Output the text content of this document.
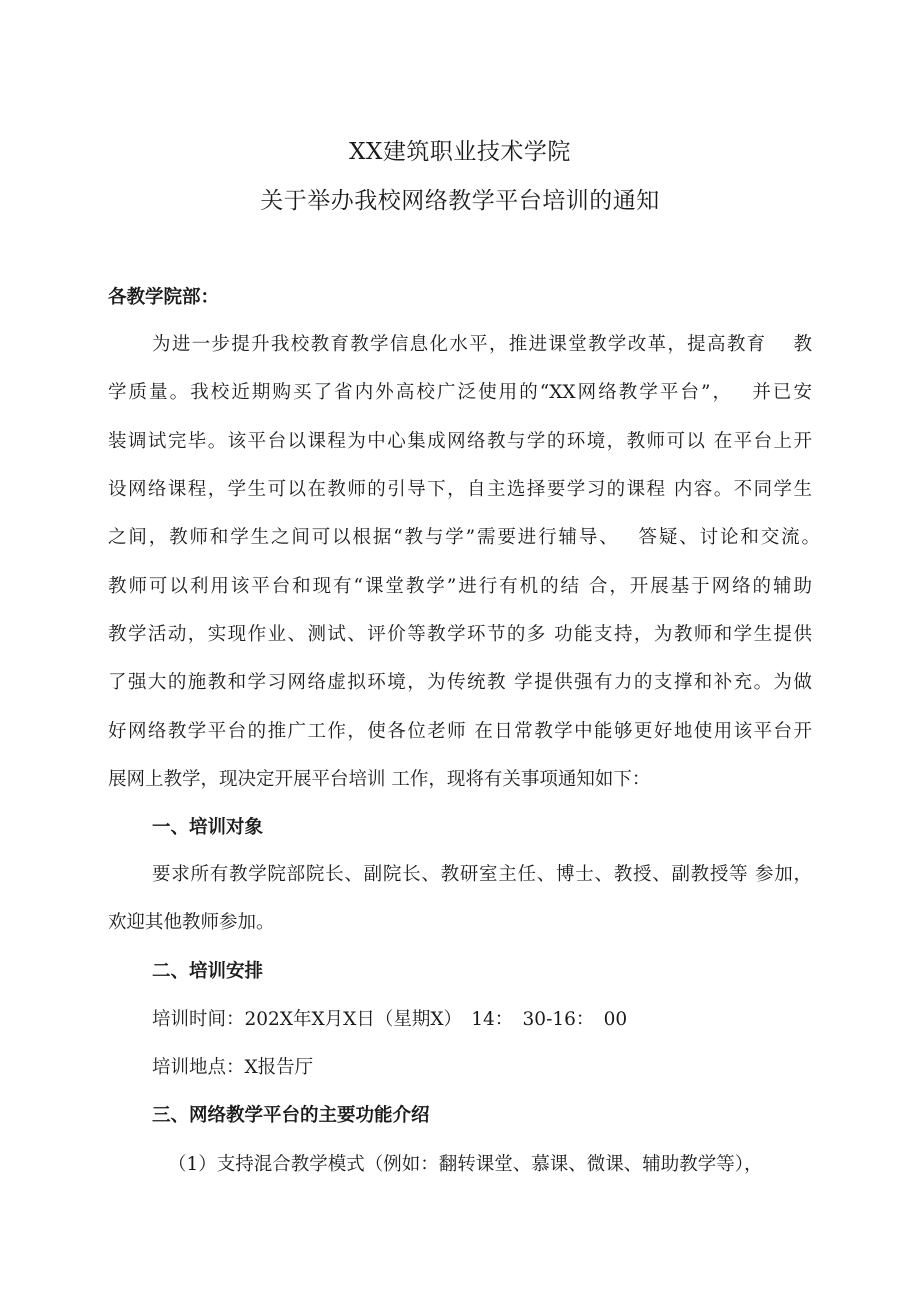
XX建筑职业技术学院
关于举办我校网络教学平台培训的通知
各教学院部：
为进一步提升我校教育教学信息化水平，推进课堂教学改革，提高教育　 教
学质量。我校近期购买了省内外高校广泛使用的“XX网络教学平台”，　 并已安
装调试完毕。该平台以课程为中心集成网络教与学的环境，教师可以 在平台上开
设网络课程，学生可以在教师的引导下，自主选择要学习的课程 内容。不同学生
之间，教师和学生之间可以根据“教与学”需要进行辅导、　 答疑、讨论和交流。
教师可以利用该平台和现有“课堂教学”进行有机的结 合，开展基于网络的辅助
教学活动，实现作业、测试、评价等教学环节的多 功能支持，为教师和学生提供
了强大的施教和学习网络虚拟环境，为传统教 学提供强有力的支撑和补充。为做
好网络教学平台的推广工作，使各位老师 在日常教学中能够更好地使用该平台开
展网上教学，现决定开展平台培训 工作，现将有关事项通知如下：
一、培训对象
要求所有教学院部院长、副院长、教研室主任、博士、教授、副教授等 参加，
欢迎其他教师参加。
二、培训安排
培训时间：202X年X月X日（星期X）　14：　30-16：　00
培训地点：X报告厅
三、网络教学平台的主要功能介绍
（1）支持混合教学模式（例如：翻转课堂、慕课、微课、辅助教学等），
